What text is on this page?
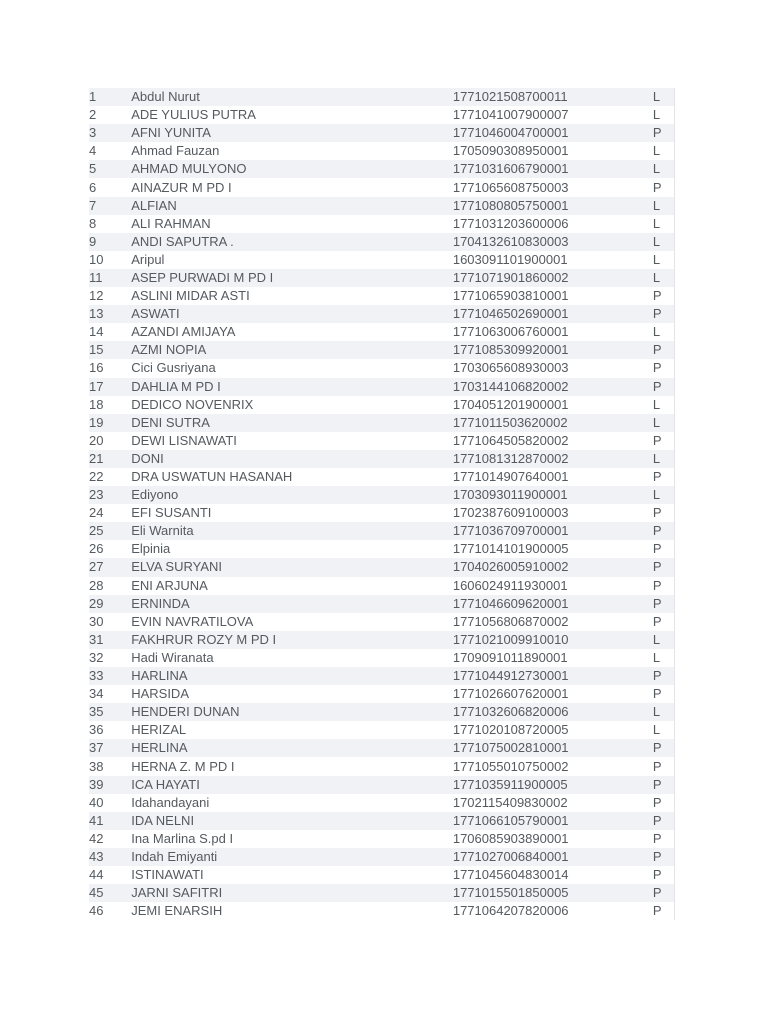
1	Abdul Nurut	1771021508700011	L
2	ADE YULIUS PUTRA	1771041007900007	L
3	AFNI YUNITA	1771046004700001	P
4	Ahmad Fauzan	1705090308950001	L
5	AHMAD MULYONO	1771031606790001	L
6	AINAZUR M PD I	1771065608750003	P
7	ALFIAN	1771080805750001	L
8	ALI RAHMAN	1771031203600006	L
9	ANDI SAPUTRA .	1704132610830003	L
10	Aripul	1603091101900001	L
11	ASEP PURWADI M PD I	1771071901860002	L
12	ASLINI MIDAR ASTI	1771065903810001	P
13	ASWATI	1771046502690001	P
14	AZANDI AMIJAYA	1771063006760001	L
15	AZMI NOPIA	1771085309920001	P
16	Cici Gusriyana	1703065608930003	P
17	DAHLIA M PD I	1703144106820002	P
18	DEDICO NOVENRIX	1704051201900001	L
19	DENI SUTRA	1771011503620002	L
20	DEWI LISNAWATI	1771064505820002	P
21	DONI	1771081312870002	L
22	DRA USWATUN HASANAH	1771014907640001	P
23	Ediyono	1703093011900001	L
24	EFI SUSANTI	1702387609100003	P
25	Eli Warnita	1771036709700001	P
26	Elpinia	1771014101900005	P
27	ELVA SURYANI	1704026005910002	P
28	ENI ARJUNA	1606024911930001	P
29	ERNINDA	1771046609620001	P
30	EVIN NAVRATILOVA	1771056806870002	P
31	FAKHRUR ROZY M PD I	1771021009910010	L
32	Hadi Wiranata	1709091011890001	L
33	HARLINA	1771044912730001	P
34	HARSIDA	1771026607620001	P
35	HENDERI DUNAN	1771032606820006	L
36	HERIZAL	1771020108720005	L
37	HERLINA	1771075002810001	P
38	HERNA Z. M PD I	1771055010750002	P
39	ICA HAYATI	1771035911900005	P
40	Idahandayani	1702115409830002	P
41	IDA NELNI	1771066105790001	P
42	Ina Marlina S.pd I	1706085903890001	P
43	Indah Emiyanti	1771027006840001	P
44	ISTINAWATI	1771045604830014	P
45	JARNI SAFITRI	1771015501850005	P
46	JEMI ENARSIH	1771064207820006	P
